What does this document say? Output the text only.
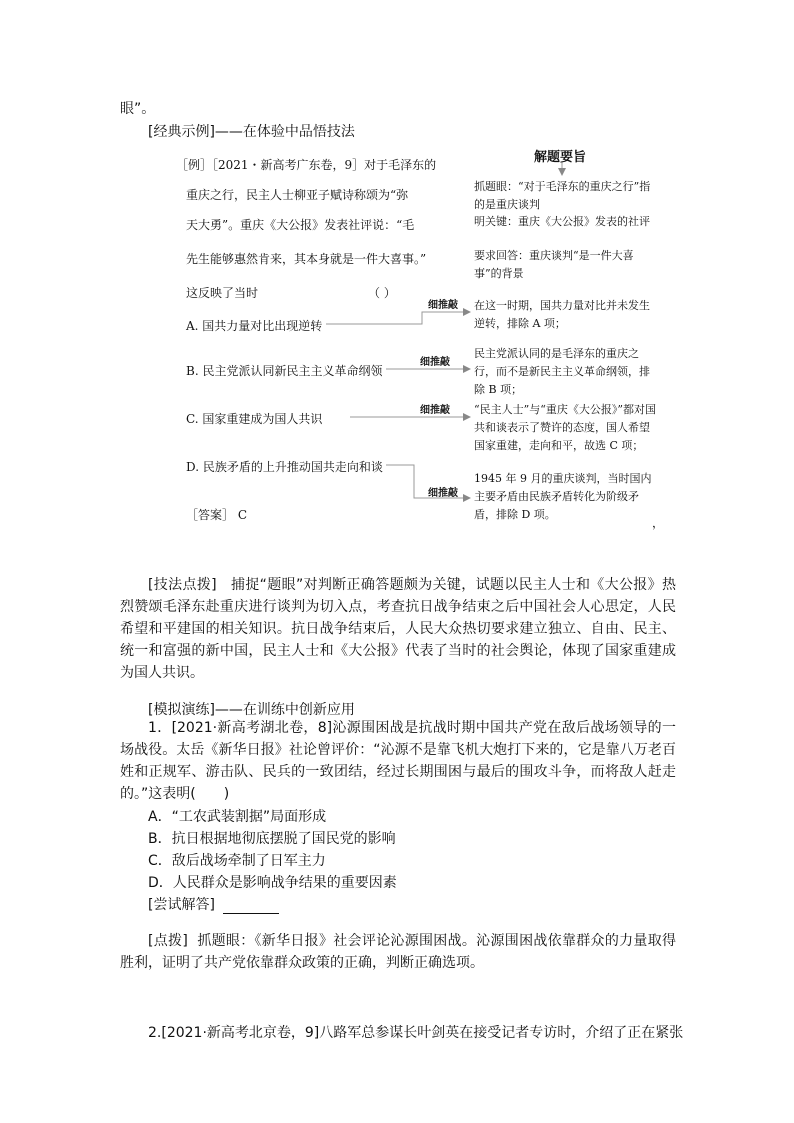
眼”。
[经典示例]——在体验中品悟技法
［例］［2021・新高考广东卷，9］对于毛泽东的
重庆之行，民主人士柳亚子赋诗称颂为“弥
天大勇”。重庆《大公报》发表社评说：“毛
先生能够惠然肯来，其本身就是一件大喜事。”
这反映了当时	（ ）
A. 国共力量对比出现逆转
B. 民主党派认同新民主主义革命纲领
C. 国家重建成为国人共识
D. 民族矛盾的上升推动国共走向和谈
［答案］ C
细推敲
细推敲
细推敲
细推敲
解题要旨
抓题眼：“对于毛泽东的重庆之行”指的是重庆谈判
明关键：重庆《大公报》发表的社评
要求回答：重庆谈判“是一件大喜事”的背景
在这一时期，国共力量对比并未发生逆转，排除 A 项；
民主党派认同的是毛泽东的重庆之行，而不是新民主主义革命纲领，排除 B 项；
“民主人士”与“重庆《大公报》”都对国共和谈表示了赞许的态度，国人希望国家重建，走向和平，故选 C 项；
1945 年 9 月的重庆谈判，当时国内主要矛盾由民族矛盾转化为阶级矛盾，排除 D 项。
，
[技法点拨] 捕捉“题眼”对判断正确答题颇为关键，试题以民主人士和《大公报》热烈赞颂毛泽东赴重庆进行谈判为切入点，考查抗日战争结束之后中国社会人心思定，人民希望和平建国的相关知识。抗日战争结束后，人民大众热切要求建立独立、自由、民主、统一和富强的新中国，民主人士和《大公报》代表了当时的社会舆论，体现了国家重建成为国人共识。
[模拟演练]——在训练中创新应用
1．[2021·新高考湖北卷，8]沁源围困战是抗战时期中国共产党在敌后战场领导的一场战役。太岳《新华日报》社论曾评价：“沁源不是靠飞机大炮打下来的，它是靠八万老百姓和正规军、游击队、民兵的一致团结，经过长期围困与最后的围攻斗争，而将敌人赶走的。”这表明(　　)
A．“工农武装割据”局面形成
B．抗日根据地彻底摆脱了国民党的影响
C．敌后战场牵制了日军主力
D．人民群众是影响战争结果的重要因素
[尝试解答]
[点拨] 抓题眼：《新华日报》社会评论沁源围困战。沁源围困战依靠群众的力量取得胜利，证明了共产党依靠群众政策的正确，判断正确选项。
2.[2021·新高考北京卷，9]八路军总参谋长叶剑英在接受记者专访时，介绍了正在紧张
